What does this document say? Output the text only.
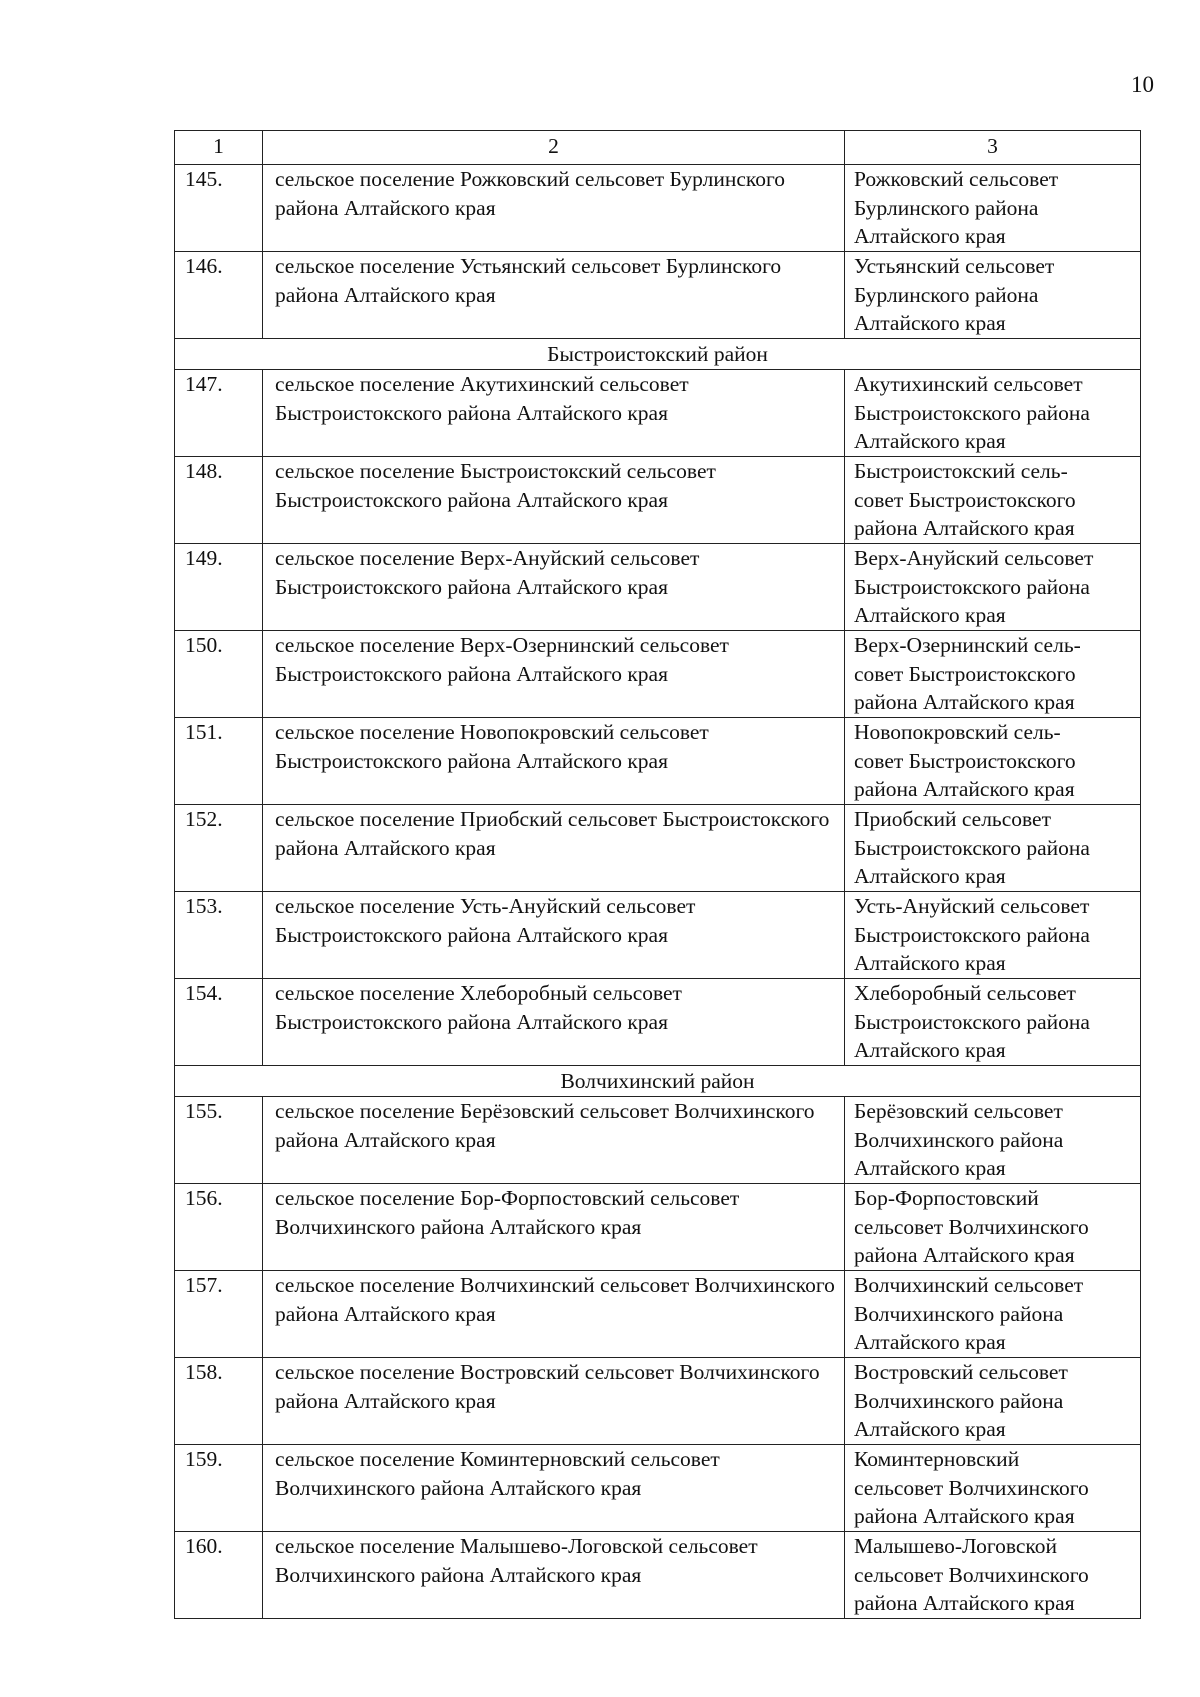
10
1	2	3
145.	сельское поселение Рожковский сельсовет Бурлинского района Алтайского края	Рожковский сельсовет
Бурлинского района
Алтайского края

146.	сельское поселение Устьянский сельсовет Бурлинского района Алтайского края	Устьянский сельсовет
Бурлинского района
Алтайского края

Быстроистокский район		
147.	сельское поселение Акутихинский сельсовет Быстроистокского района Алтайского края	Акутихинский сельсовет
Быстроистокского района
Алтайского края

148.	сельское поселение Быстроистокский сельсовет Быстроистокского района Алтайского края	Быстроистокский сель-
совет Быстроистокского
района Алтайского края

149.	сельское поселение Верх-Ануйский сельсовет Быстроистокского района Алтайского края	Верх-Ануйский сельсовет
Быстроистокского района
Алтайского края

150.	сельское поселение Верх-Озернинский сельсовет Быстроистокского района Алтайского края	Верх-Озернинский сель-
совет Быстроистокского
района Алтайского края

151.	сельское поселение Новопокровский сельсовет Быстроистокского района Алтайского края	Новопокровский сель-
совет Быстроистокского
района Алтайского края

152.	сельское поселение Приобский сельсовет Быстроистокского района Алтайского края	Приобский сельсовет
Быстроистокского района
Алтайского края

153.	сельское поселение Усть-Ануйский сельсовет Быстроистокского района Алтайского края	Усть-Ануйский сельсовет
Быстроистокского района
Алтайского края

154.	сельское поселение Хлеборобный сельсовет Быстроистокского района Алтайского края	Хлеборобный сельсовет
Быстроистокского района
Алтайского края

Волчихинский район		
155.	сельское поселение Берёзовский сельсовет Волчихинского района Алтайского края	Берёзовский сельсовет
Волчихинского района
Алтайского края

156.	сельское поселение Бор-Форпостовский сельсовет Волчихинского района Алтайского края	Бор-Форпостовский
сельсовет Волчихинского
района Алтайского края

157.	сельское поселение Волчихинский сельсовет Волчихинского района Алтайского края	Волчихинский сельсовет
Волчихинского района
Алтайского края

158.	сельское поселение Востровский сельсовет Волчихинского района Алтайского края	Востровский сельсовет
Волчихинского района
Алтайского края

159.	сельское поселение Коминтерновский сельсовет Волчихинского района Алтайского края	Коминтерновский
сельсовет Волчихинского
района Алтайского края

160.	сельское поселение Малышево-Логовской сельсовет Волчихинского района Алтайского края	Малышево-Логовской
сельсовет Волчихинского
района Алтайского края
